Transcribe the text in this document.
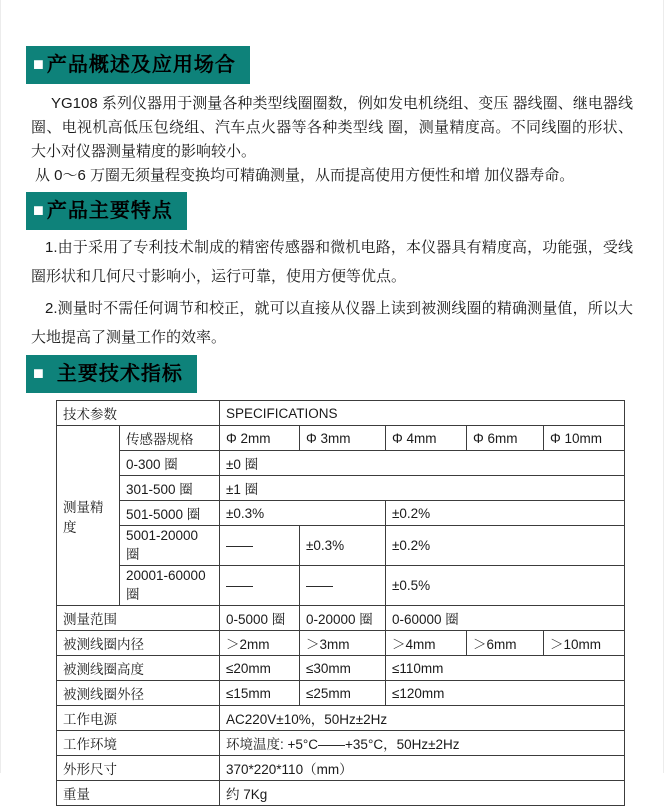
■ 产品概述及应用场合

YG108 系列仪器用于测量各种类型线圈圈数，例如发电机绕组、变压 器线圈、继电器线圈、电视机高低压包绕组、汽车点火器等各种类型线 圈，测量精度高。不同线圈的形状、大小对仪器测量精度的影响较小。

从 0～6 万圈无须量程变换均可精确测量，从而提高使用方便性和增 加仪器寿命。

■ 产品主要特点

1.由于采用了专利技术制成的精密传感器和微机电路，本仪器具有精度高，功能强，受线圈形状和几何尺寸影响小，运行可靠，使用方便等优点。

2.测量时不需任何调节和校正，就可以直接从仪器上读到被测线圈的精确测量值，所以大大地提高了测量工作的效率。

■ 主要技术指标
技术参数		SPECIFICATIONS				
测量精度	传感器规格	Φ 2mm	Φ 3mm	Φ 4mm	Φ 6mm	Φ 10mm
	0-300 圈	±0 圈				
	301-500 圈	±1 圈				
	501-5000 圈	±0.3%		±0.2%		
	5001-20000 圈	——	±0.3%	±0.2%		
	20001-60000 圈	——	——	±0.5%		
测量范围		0-5000 圈	0-20000 圈	0-60000 圈		
被测线圈内径		＞2mm	＞3mm	＞4mm	＞6mm	＞10mm
被测线圈高度		≤20mm	≤30mm	≤110mm		
被测线圈外径		≤15mm	≤25mm	≤120mm		
工作电源		AC220V±10%，50Hz±2Hz				
工作环境		环境温度: +5°C——+35°C，50Hz±2Hz				
外形尺寸		370*220*110（mm）				
重量		约 7Kg				
